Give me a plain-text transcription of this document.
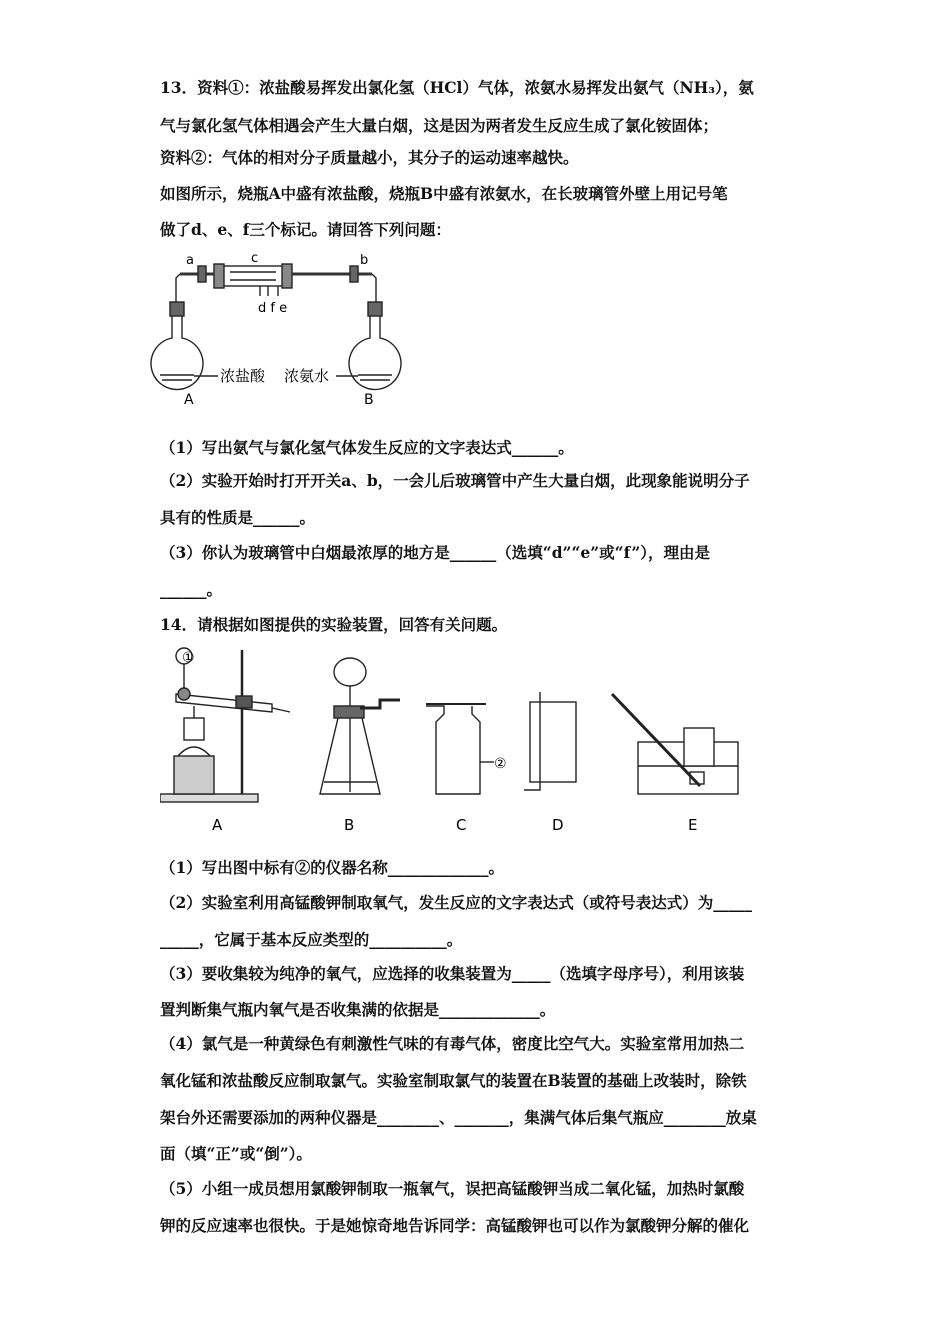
13．资料①：浓盐酸易挥发出氯化氢（HCl）气体，浓氨水易挥发出氨气（NH₃），氨
气与氯化氢气体相遇会产生大量白烟，这是因为两者发生反应生成了氯化铵固体；
资料②：气体的相对分子质量越小，其分子的运动速率越快。
如图所示，烧瓶A中盛有浓盐酸，烧瓶B中盛有浓氨水，在长玻璃管外壁上用记号笔
做了d、e、f三个标记。请回答下列问题：
a	b
c
d f e
浓盐酸 浓氨水
A	B
（1）写出氨气与氯化氢气体发生反应的文字表达式______。
（2）实验开始时打开开关a、b，一会儿后玻璃管中产生大量白烟，此现象能说明分子
具有的性质是______。
（3）你认为玻璃管中白烟最浓厚的地方是______（选填“d”“e”或“f”），理由是
______。
14．请根据如图提供的实验装置，回答有关问题。
①
②
A	B	C	D	E
（1）写出图中标有②的仪器名称_____________。
（2）实验室利用高锰酸钾制取氧气，发生反应的文字表达式（或符号表达式）为_____
_____，它属于基本反应类型的__________。
（3）要收集较为纯净的氧气，应选择的收集装置为_____（选填字母序号），利用该装
置判断集气瓶内氧气是否收集满的依据是_____________。
（4）氯气是一种黄绿色有刺激性气味的有毒气体，密度比空气大。实验室常用加热二
氧化锰和浓盐酸反应制取氯气。实验室制取氯气的装置在B装置的基础上改装时，除铁
架台外还需要添加的两种仪器是________、_______，集满气体后集气瓶应________放桌
面（填“正”或“倒”）。
（5）小组一成员想用氯酸钾制取一瓶氧气，误把高锰酸钾当成二氧化锰，加热时氯酸
钾的反应速率也很快。于是她惊奇地告诉同学：高锰酸钾也可以作为氯酸钾分解的催化
